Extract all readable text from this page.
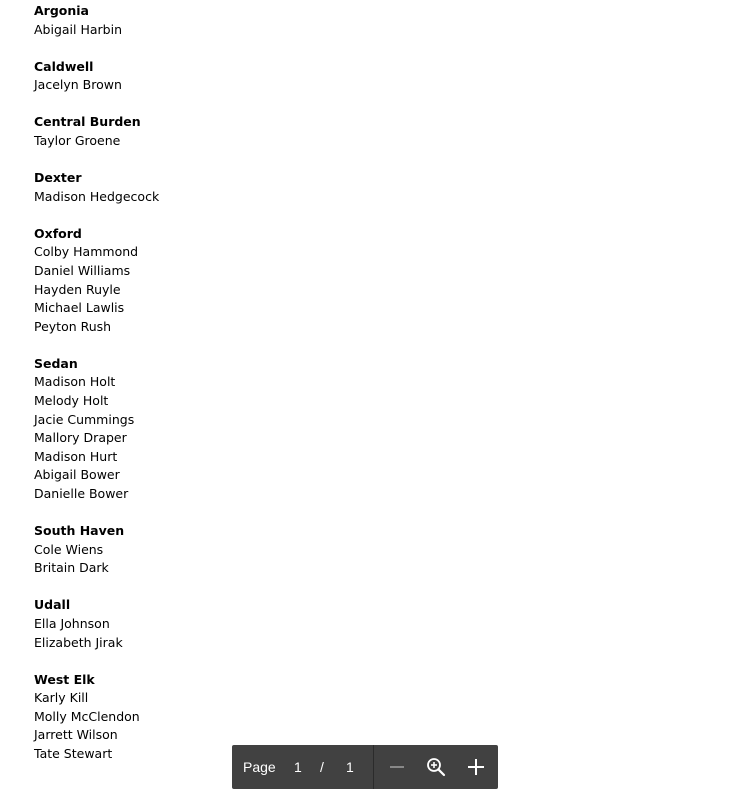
Argonia
Abigail Harbin
Caldwell
Jacelyn Brown
Central Burden
Taylor Groene
Dexter
Madison Hedgecock
Oxford
Colby Hammond
Daniel Williams
Hayden Ruyle
Michael Lawlis
Peyton Rush
Sedan
Madison Holt
Melody Holt
Jacie Cummings
Mallory Draper
Madison Hurt
Abigail Bower
Danielle Bower
South Haven
Cole Wiens
Britain Dark
Udall
Ella Johnson
Elizabeth Jirak
West Elk
Karly Kill
Molly McClendon
Jarrett Wilson
Tate Stewart
Page 1 / 1
